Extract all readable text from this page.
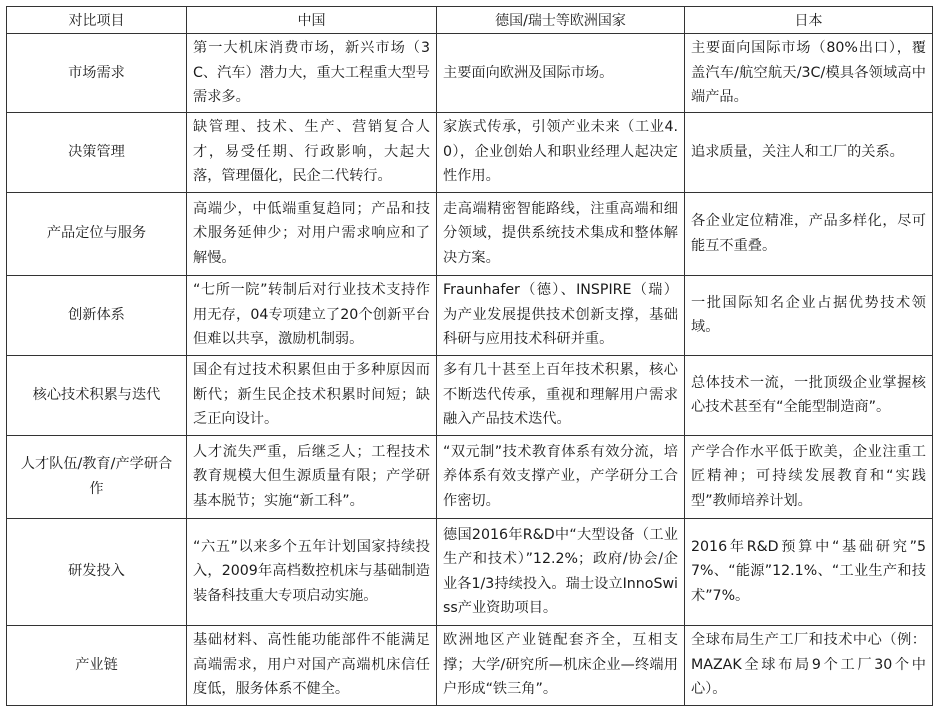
对比项目	中国	德国/瑞士等欧洲国家	日本
市场需求	第一大机床消费市场，新兴市场（3C、汽车）潜力大，重大工程重大型号需求多。	主要面向欧洲及国际市场。	主要面向国际市场（80%出口），覆盖汽车/航空航天/3C/模具各领域高中端产品。
决策管理	缺管理、技术、生产、营销复合人才，易受任期、行政影响，大起大落，管理僵化，民企二代转行。	家族式传承，引领产业未来（工业4.0），企业创始人和职业经理人起决定性作用。	追求质量，关注人和工厂的关系。
产品定位与服务	高端少，中低端重复趋同；产品和技术服务延伸少；对用户需求响应和了解慢。	走高端精密智能路线，注重高端和细分领域，提供系统技术集成和整体解决方案。	各企业定位精准，产品多样化，尽可能互不重叠。
创新体系	“七所一院”转制后对行业技术支持作用无存，04专项建立了20个创新平台但难以共享，激励机制弱。	Fraunhafer（德）、INSPIRE（瑞）为产业发展提供技术创新支撑，基础科研与应用技术科研并重。	一批国际知名企业占据优势技术领域。
核心技术积累与迭代	国企有过技术积累但由于多种原因而断代；新生民企技术积累时间短；缺乏正向设计。	多有几十甚至上百年技术积累，核心不断迭代传承，重视和理解用户需求融入产品技术迭代。	总体技术一流，一批顶级企业掌握核心技术甚至有“全能型制造商”。
人才队伍/教育/产学研合作	人才流失严重，后继乏人；工程技术教育规模大但生源质量有限；产学研基本脱节；实施“新工科”。	“双元制”技术教育体系有效分流，培养体系有效支撑产业，产学研分工合作密切。	产学合作水平低于欧美，企业注重工匠精神；可持续发展教育和“实践型”教师培养计划。
研发投入	“六五”以来多个五年计划国家持续投入，2009年高档数控机床与基础制造装备科技重大专项启动实施。	德国2016年R&D中“大型设备（工业生产和技术）”12.2%；政府/协会/企业各1/3持续投入。瑞士设立InnoSwiss产业资助项目。	2016年R&D预算中“基础研究”57%、“能源”12.1%、“工业生产和技术”7%。
产业链	基础材料、高性能功能部件不能满足高端需求，用户对国产高端机床信任度低，服务体系不健全。	欧洲地区产业链配套齐全，互相支撑；大学/研究所—机床企业—终端用户形成“铁三角”。	全球布局生产工厂和技术中心（例：MAZAK全球布局9个工厂30个中心）。
